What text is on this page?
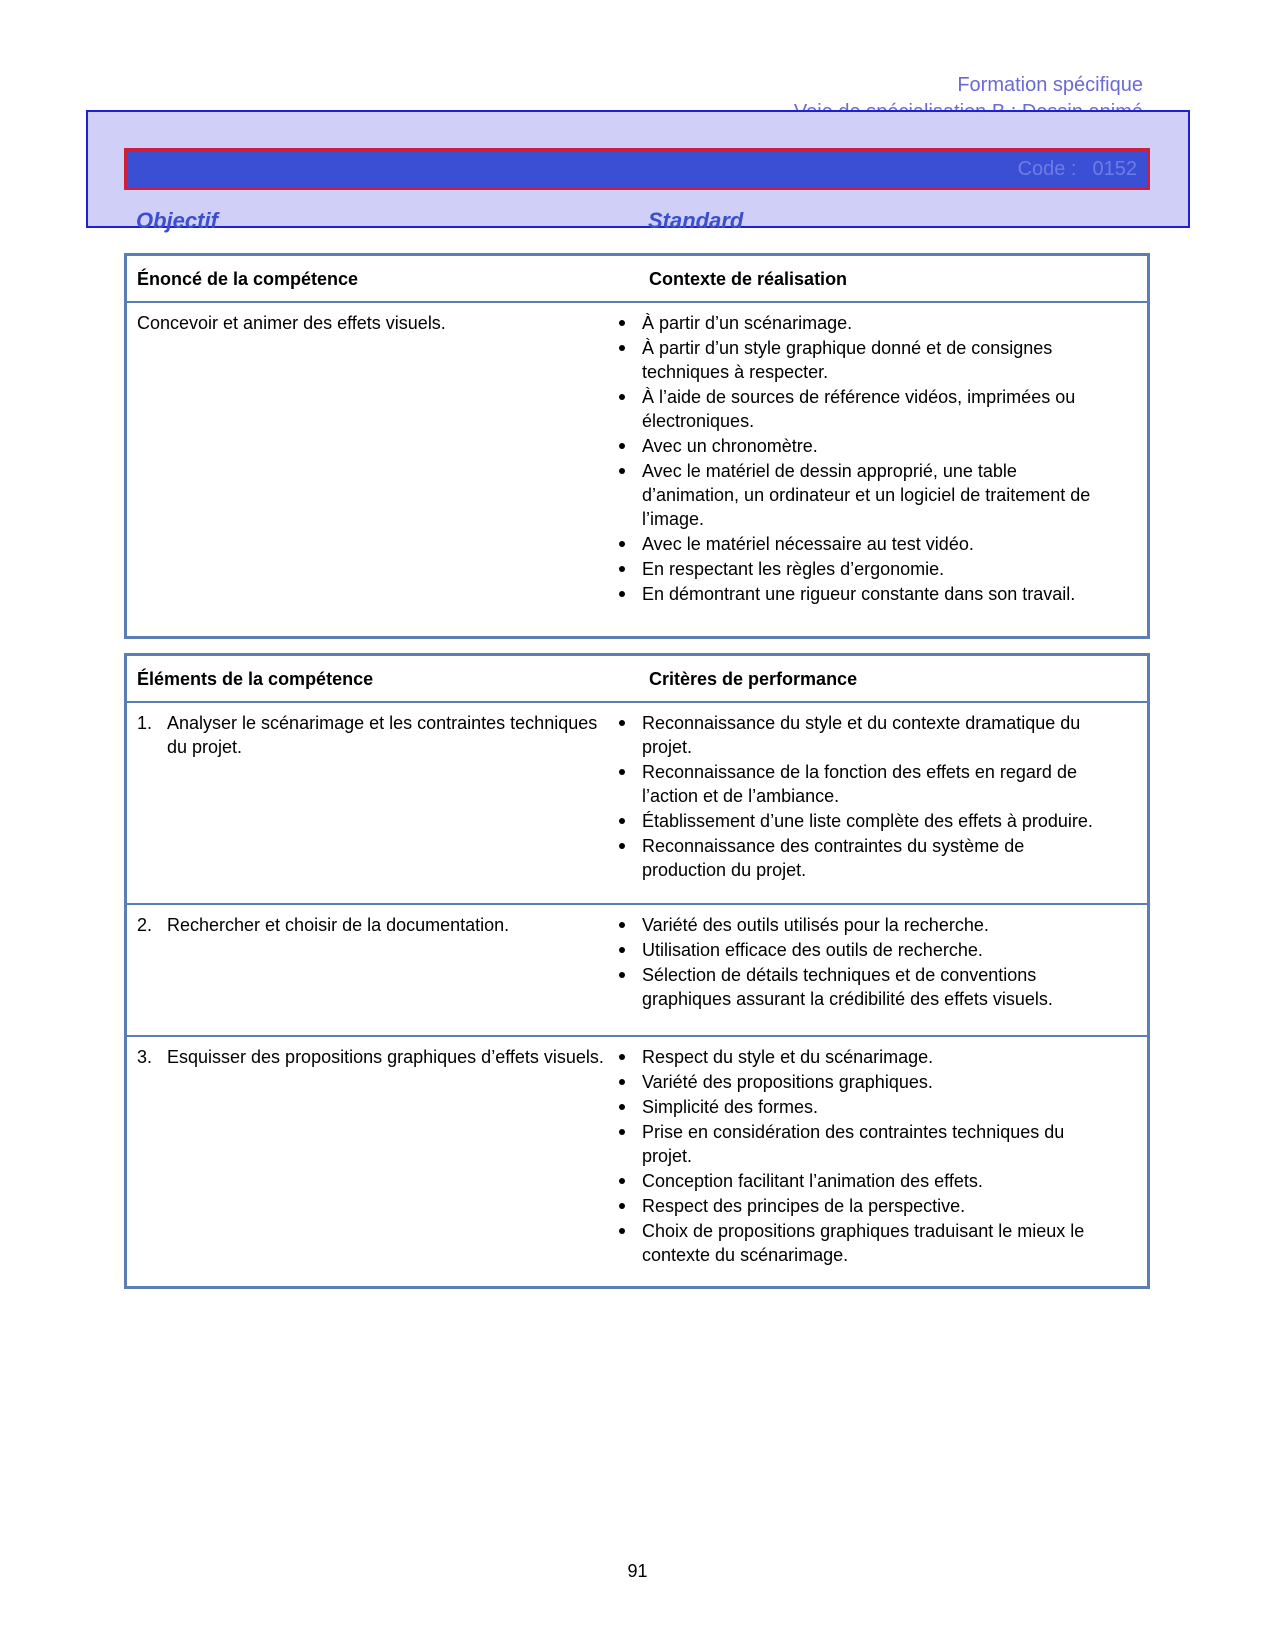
Formation spécifique
Code : 0152
Objectif	Standard
Énoncé de la compétence	Contexte de réalisation
Concevoir et animer des effets visuels.	À partir d’un scénarimage.
À partir d’un style graphique donné et de consignes techniques à respecter.
À l’aide de sources de référence vidéos, imprimées ou électroniques.
Avec un chronomètre.
Avec le matériel de dessin approprié, une table d’animation, un ordinateur et un logiciel de traitement de l’image.
Avec le matériel nécessaire au test vidéo.
En respectant les règles d’ergonomie.
En démontrant une rigueur constante dans son travail.
Éléments de la compétence	Critères de performance
1. Analyser le scénarimage et les contraintes techniques du projet.
Reconnaissance du style et du contexte dramatique du projet.
Reconnaissance de la fonction des effets en regard de l’action et de l’ambiance.
Établissement d’une liste complète des effets à produire.
Reconnaissance des contraintes du système de production du projet.
2. Rechercher et choisir de la documentation.	Variété des outils utilisés pour la recherche.
Utilisation efficace des outils de recherche.
Sélection de détails techniques et de conventions graphiques assurant la crédibilité des effets visuels.
3. Esquisser des propositions graphiques d’effets visuels.	Respect du style et du scénarimage.
Variété des propositions graphiques.
Simplicité des formes.
Prise en considération des contraintes techniques du projet.
Conception facilitant l’animation des effets.
Respect des principes de la perspective.
Choix de propositions graphiques traduisant le mieux le contexte du scénarimage.
91
